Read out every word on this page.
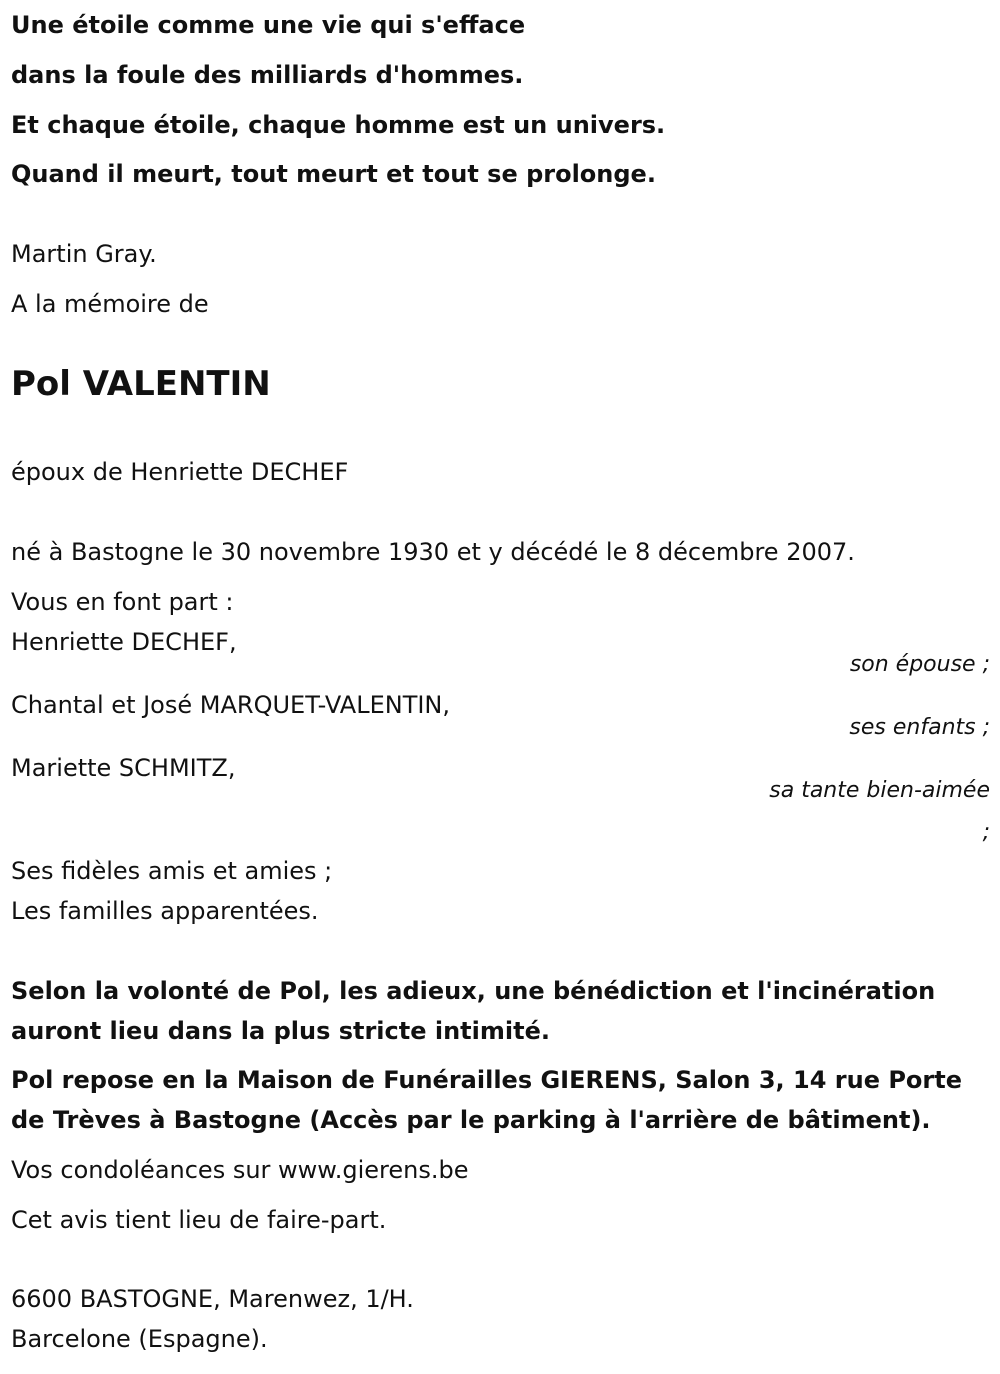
Une étoile comme une vie qui s'efface

dans la foule des milliards d'hommes.

Et chaque étoile, chaque homme est un univers.

Quand il meurt, tout meurt et tout se prolonge.

Martin Gray.

A la mémoire de

Pol VALENTIN

époux de Henriette DECHEF

né à Bastogne le 30 novembre 1930 et y décédé le 8 décembre 2007.

Vous en font part :

Henriette DECHEF,

son épouse ;

Chantal et José MARQUET-VALENTIN,

ses enfants ;

Mariette SCHMITZ,

sa tante bien-aimée
;

Ses fidèles amis et amies ;

Les familles apparentées.

Selon la volonté de Pol, les adieux, une bénédiction et l'incinération

auront lieu dans la plus stricte intimité.

Pol repose en la Maison de Funérailles GIERENS, Salon 3, 14 rue Porte

de Trèves à Bastogne (Accès par le parking à l'arrière de bâtiment).

Vos condoléances sur www.gierens.be

Cet avis tient lieu de faire-part.

6600 BASTOGNE, Marenwez, 1/H.

Barcelone (Espagne).
